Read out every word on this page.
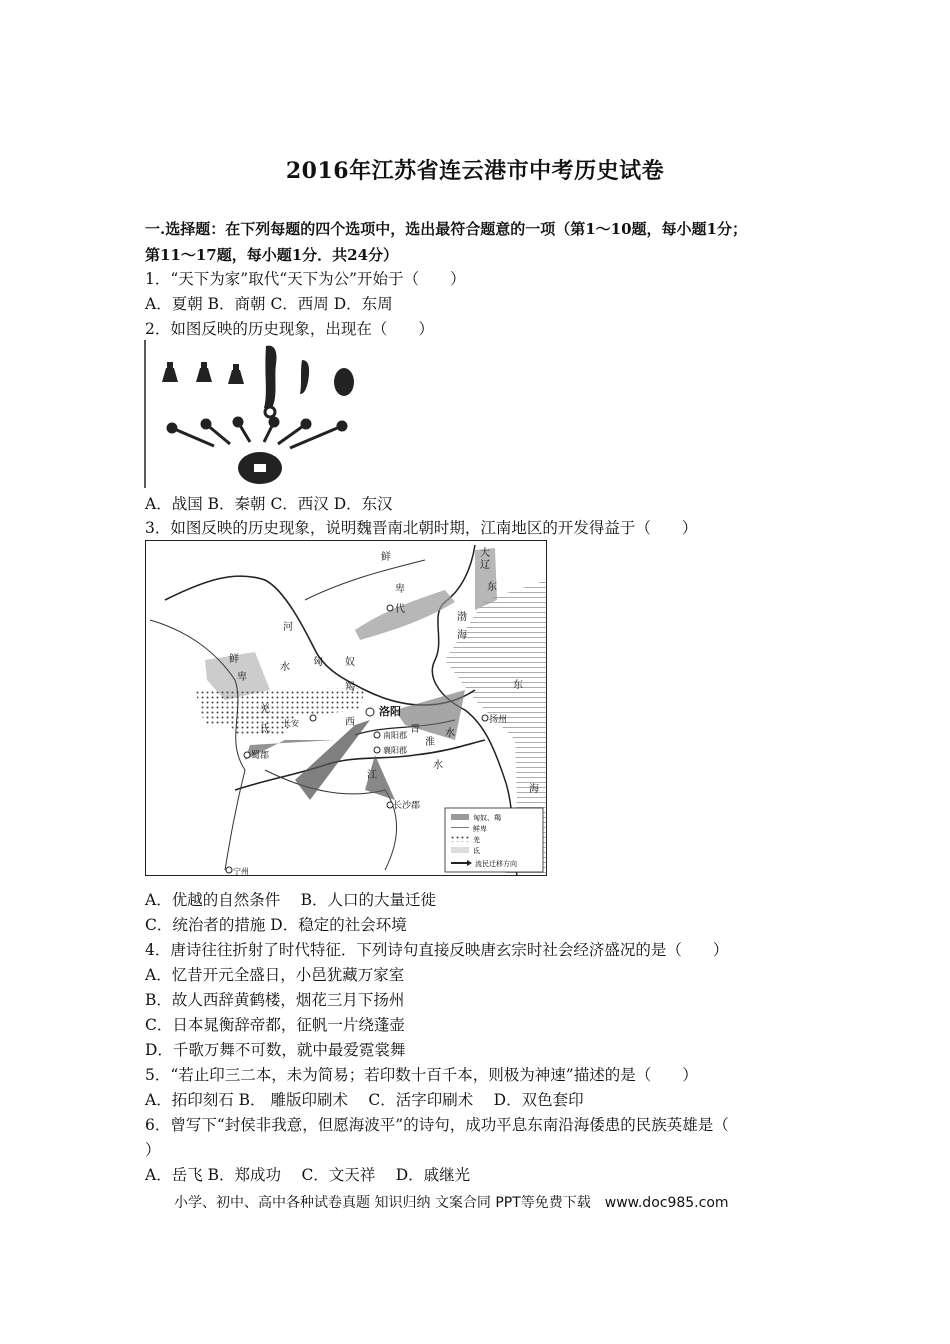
2016年江苏省连云港市中考历史试卷
一.选择题：在下列每题的四个选项中，选出最符合题意的一项（第1～10题，每小题1分；
第11～17题，每小题1分．共24分）
1．“天下为家”取代“天下为公”开始于（　　）
A．夏朝 B．商朝 C．西周 D．东周
2．如图反映的历史现象，出现在（　　）
A．战国 B．秦朝 C．西汉 D．东汉
3．如图反映的历史现象，说明魏晋南北朝时期，江南地区的开发得益于（　　）
鲜
卑
大
辽
东
渤
海
代
河
水 匈 奴
羯
鲜
卑
羌
氐
长安	西
晋
洛阳
南阳郡
襄阳郡
淮
水
水
扬州
蜀郡
江
长沙郡
宁州
东
海
匈奴、羯
鲜卑
羌
氐
流民迁移方向
A．优越的自然条件　 B．人口的大量迁徙
C．统治者的措施 D．稳定的社会环境
4．唐诗往往折射了时代特征．下列诗句直接反映唐玄宗时社会经济盛况的是（　　）
A．忆昔开元全盛日，小邑犹藏万家室
B．故人西辞黄鹤楼，烟花三月下扬州
C．日本晁衡辞帝都，征帆一片绕蓬壶
D．千歌万舞不可数，就中最爱霓裳舞
5．“若止印三二本，未为简易；若印数十百千本，则极为神速”描述的是（　　）
A．拓印刻石 B． 雕版印刷术　 C．活字印刷术　 D．双色套印
6．曾写下“封侯非我意，但愿海波平”的诗句，成功平息东南沿海倭患的民族英雄是（
）
A．岳飞 B．郑成功　 C．文天祥　 D．戚继光
小学、初中、高中各种试卷真题 知识归纳 文案合同 PPT等免费下载　www.doc985.com
